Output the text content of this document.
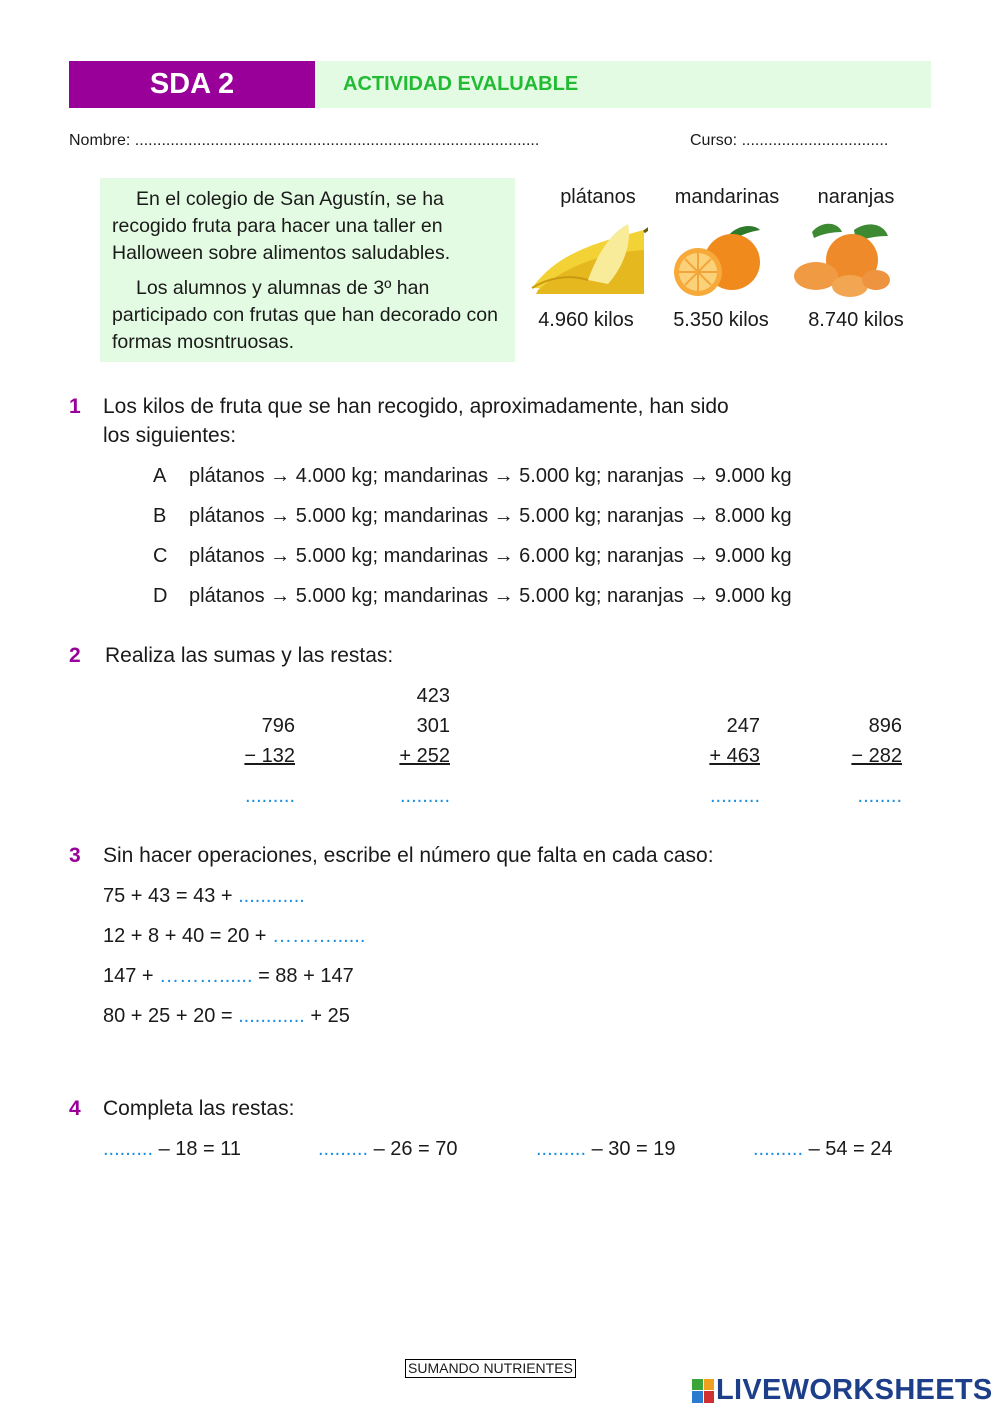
SDA 2	ACTIVIDAD EVALUABLE
Nombre: ...........................................................................................	Curso: .................................

En el colegio de San Agustín, se ha recogido fruta para hacer una taller en Halloween sobre alimentos saludables.

Los alumnos y alumnas de 3º han participado con frutas que han decorado con formas mosntruosas.

plátanos	mandarinas	naranjas
4.960 kilos	5.350 kilos	8.740 kilos
1 Los kilos de fruta que se han recogido, aproximadamente, han sido
los siguientes:
A plátanos → 4.000 kg; mandarinas → 5.000 kg; naranjas → 9.000 kg
B plátanos → 5.000 kg; mandarinas → 5.000 kg; naranjas → 8.000 kg
C plátanos → 5.000 kg; mandarinas → 6.000 kg; naranjas → 9.000 kg
D plátanos → 5.000 kg; mandarinas → 5.000 kg; naranjas → 9.000 kg
2 Realiza las sumas y las restas:
796
− 132
.........
423
301
+ 252
.........
247
+ 463
.........
896
− 282
........
3 Sin hacer operaciones, escribe el número que falta en cada caso:
75 + 43 = 43 + ............
12 + 8 + 40 = 20 + ………......
147 + ………...... = 88 + 147
80 + 25 + 20 = ............ + 25
4 Completa las restas:
......... – 18 = 11	......... – 26 = 70	......... – 30 = 19	......... – 54 = 24
SUMANDO NUTRIENTES
LIVEWORKSHEETS
